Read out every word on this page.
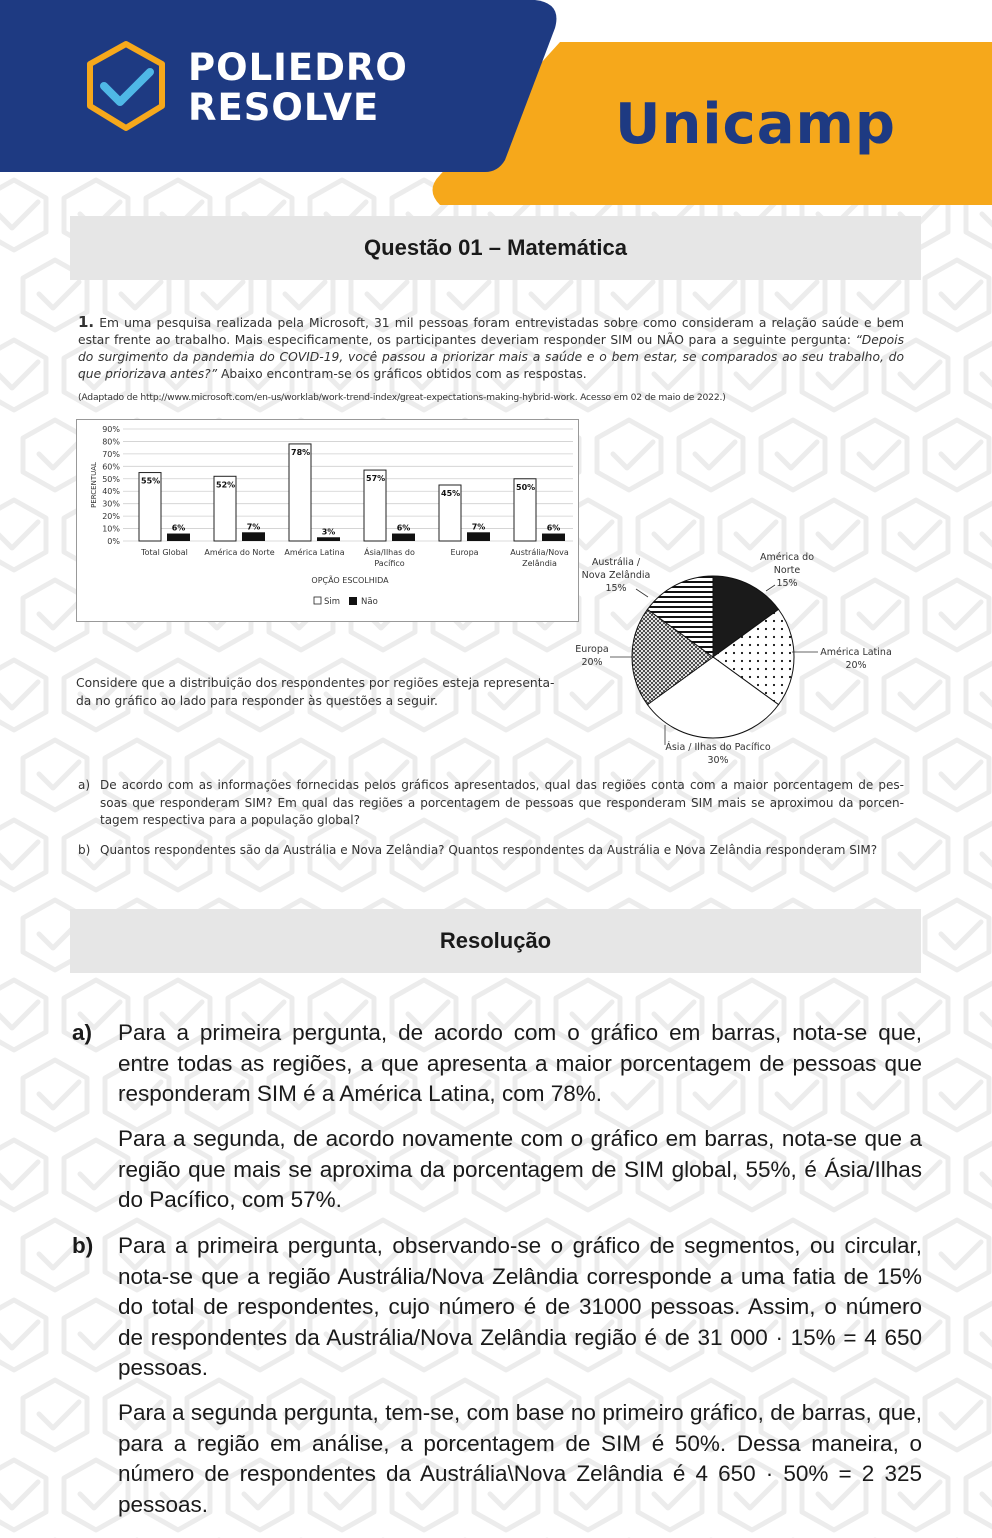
POLIEDRO
RESOLVE	Unicamp
Questão 01 – Matemática
1. Em uma pesquisa realizada pela Microsoft, 31 mil pessoas foram entrevistadas sobre como consideram a relação saúde e bem estar frente ao trabalho. Mais especificamente, os participantes deveriam responder SIM ou NÃO para a seguinte pergunta: “Depois do surgimento da pandemia do COVID-19, você passou a priorizar mais a saúde e o bem estar, se comparados ao seu trabalho, do que priorizava antes?” Abaixo encontram-se os gráficos obtidos com as respostas.
(Adaptado de http://www.microsoft.com/en-us/worklab/work-trend-index/great-expectations-making-hybrid-work. Acesso em 02 de maio de 2022.)
0%
10%
20%
30%
40%
50%
60%
70%
80%
90%
PERCENTUAL	55%
6%
Total Global
52%
7%
América do Norte
78%
3%
América Latina
57%
6%
Ásia/Ilhas do
Pacífico
45%
7%
Europa
50%
6%
Austrália/Nova
Zelândia
OPÇÃO ESCOLHIDA
Sim Não
América do Norte 15%
América Latina 20%
Ásia / Ilhas do Pacífico 30%
Europa 20%
Austrália / Nova Zelândia 15%
Considere que a distribuição dos respondentes por regiões esteja representa-da no gráfico ao lado para responder às questões a seguir.
a) De acordo com as informações fornecidas pelos gráficos apresentados, qual das regiões conta com a maior porcentagem de pes-soas que responderam SIM? Em qual das regiões a porcentagem de pessoas que responderam SIM mais se aproximou da porcen-tagem respectiva para a população global?
b) Quantos respondentes são da Austrália e Nova Zelândia? Quantos respondentes da Austrália e Nova Zelândia responderam SIM?
Resolução
a)	Para a primeira pergunta, de acordo com o gráfico em barras, nota-se que, entre todas as regiões, a que apresenta a maior porcentagem de pessoas que responderam SIM é a América Latina, com 78%.
Para a segunda, de acordo novamente com o gráfico em barras, nota-se que a região que mais se aproxima da porcentagem de SIM global, 55%, é Ásia/Ilhas do Pacífico, com 57%.
b)	Para a primeira pergunta, observando-se o gráfico de segmentos, ou circular, nota-se que a região Austrália/Nova Zelândia corresponde a uma fatia de 15% do total de respondentes, cujo número é de 31000 pessoas. Assim, o número de respondentes da Austrália/Nova Zelândia região é de 31 000 · 15% = 4 650 pessoas.
Para a segunda pergunta, tem-se, com base no primeiro gráfico, de barras, que, para a região em análise, a porcentagem de SIM é 50%. Dessa maneira, o número de respondentes da Austrália\Nova Zelândia é 4 650 · 50% = 2 325 pessoas.
